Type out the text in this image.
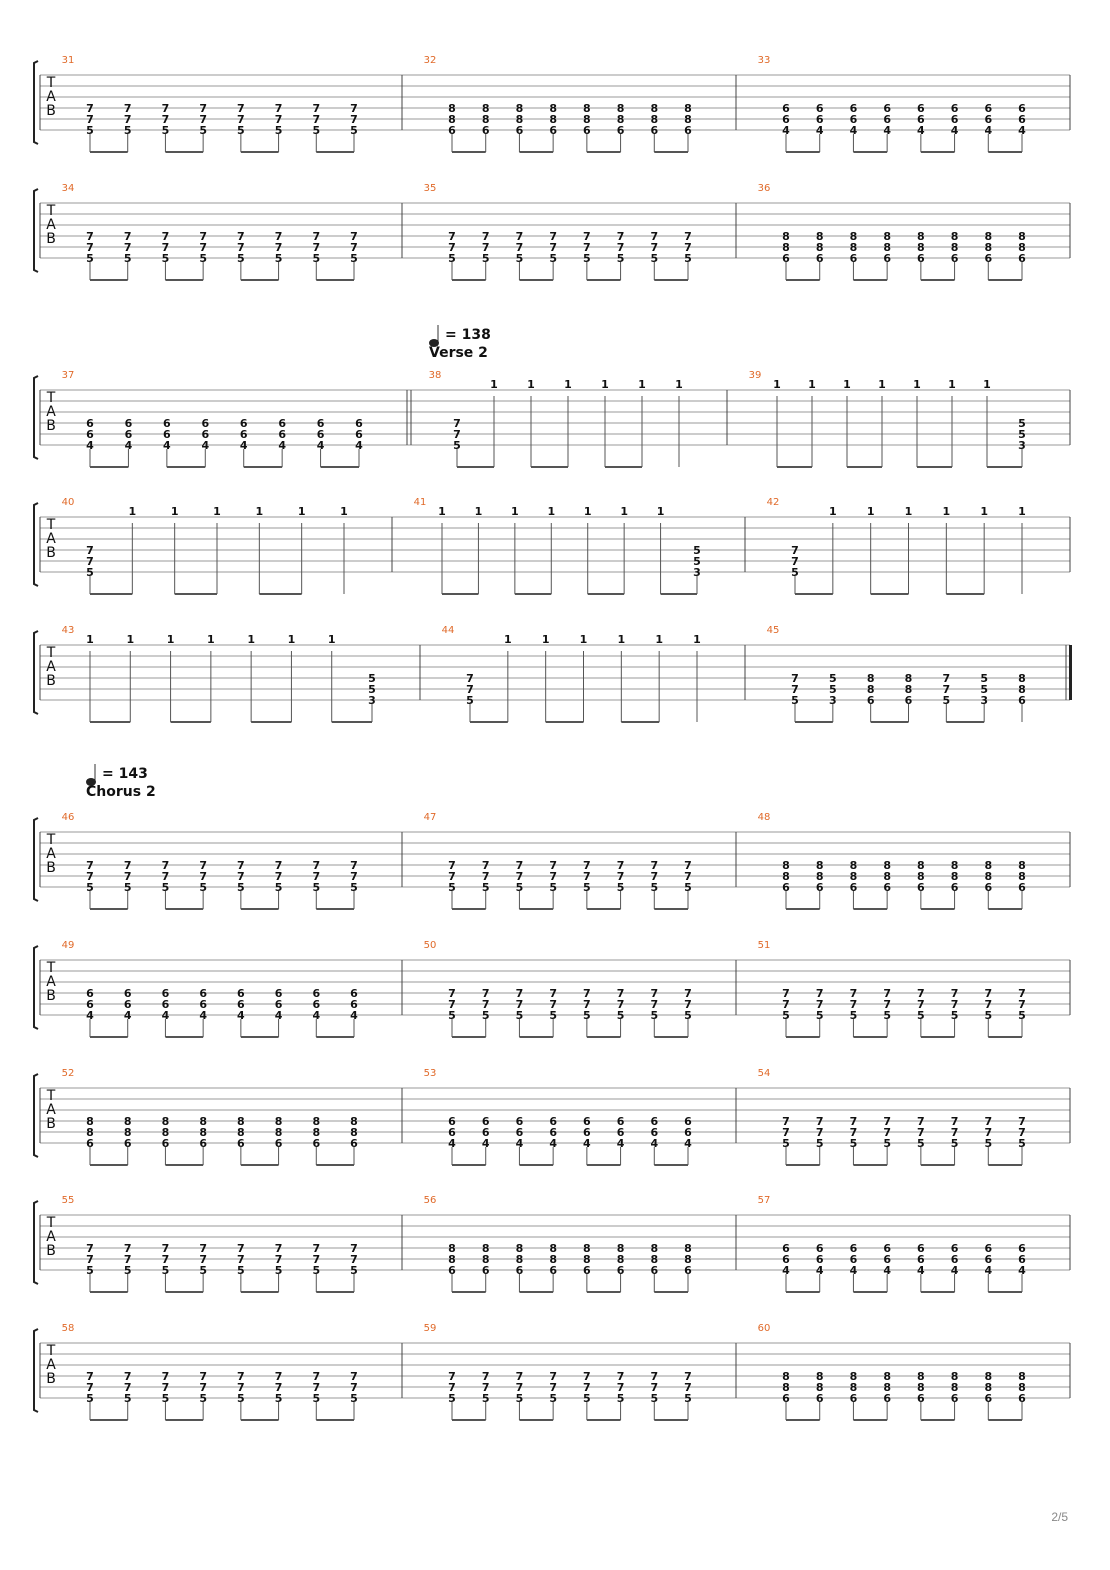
T
A
B
31
7
7
5
7
7
5
7
7
5
7
7
5
7
7
5
7
7
5
7
7
5
7
7
5
32
8
8
6
8
8
6
8
8
6
8
8
6
8
8
6
8
8
6
8
8
6
8
8
6
33
6
6
4
6
6
4
6
6
4
6
6
4
6
6
4
6
6
4
6
6
4
6
6
4
T
A
B
34
7
7
5
7
7
5
7
7
5
7
7
5
7
7
5
7
7
5
7
7
5
7
7
5
35
7
7
5
7
7
5
7
7
5
7
7
5
7
7
5
7
7
5
7
7
5
7
7
5
36
8
8
6
8
8
6
8
8
6
8
8
6
8
8
6
8
8
6
8
8
6
8
8
6
T
A
B
37
6
6
4
6
6
4
6
6
4
6
6
4
6
6
4
6
6
4
6
6
4
6
6
4
38
= 138
Verse 2
7
7
5
1	1	1	1	1	1
39
1 1 1 1 1 1 1
5
5
3
T
A
B
40
7
7
5
1	1	1	1	1	1
41
1	1	1	1	1	1	1
5
5
3
42
7
7
5
1	1	1	1	1	1
T
A
B
43
1	1	1	1	1	1	1
5
5
3
44
7
7
5
1	1	1	1	1	1
45
7
7
5
5
5
3
8
8
6
8
8
6
7
7
5
5
5
3
8
8
6
T
A
B
= 143
Chorus 2
46
7
7
5
7
7
5
7
7
5
7
7
5
7
7
5
7
7
5
7
7
5
7
7
5
47
7
7
5
7
7
5
7
7
5
7
7
5
7
7
5
7
7
5
7
7
5
7
7
5
48
8
8
6
8
8
6
8
8
6
8
8
6
8
8
6
8
8
6
8
8
6
8
8
6
T
A
B
49
6
6
4
6
6
4
6
6
4
6
6
4
6
6
4
6
6
4
6
6
4
6
6
4
50
7
7
5
7
7
5
7
7
5
7
7
5
7
7
5
7
7
5
7
7
5
7
7
5
51
7
7
5
7
7
5
7
7
5
7
7
5
7
7
5
7
7
5
7
7
5
7
7
5
T
A
B
52
8
8
6
8
8
6
8
8
6
8
8
6
8
8
6
8
8
6
8
8
6
8
8
6
53
6
6
4
6
6
4
6
6
4
6
6
4
6
6
4
6
6
4
6
6
4
6
6
4
54
7
7
5
7
7
5
7
7
5
7
7
5
7
7
5
7
7
5
7
7
5
7
7
5
T
A
B
55
7
7
5
7
7
5
7
7
5
7
7
5
7
7
5
7
7
5
7
7
5
7
7
5
56
8
8
6
8
8
6
8
8
6
8
8
6
8
8
6
8
8
6
8
8
6
8
8
6
57
6
6
4
6
6
4
6
6
4
6
6
4
6
6
4
6
6
4
6
6
4
6
6
4
T
A
B
58
7
7
5
7
7
5
7
7
5
7
7
5
7
7
5
7
7
5
7
7
5
7
7
5
59
7
7
5
7
7
5
7
7
5
7
7
5
7
7
5
7
7
5
7
7
5
7
7
5
60
8
8
6
8
8
6
8
8
6
8
8
6
8
8
6
8
8
6
8
8
6
8
8
6
2/5
